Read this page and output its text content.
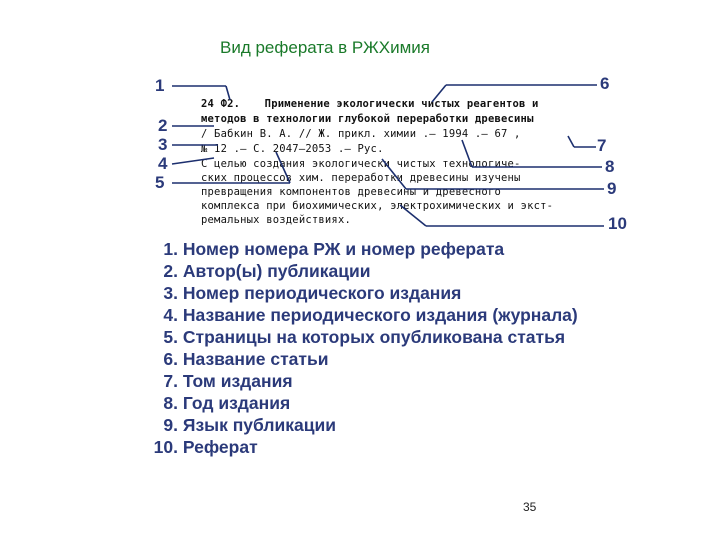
Вид реферата в РЖХимия
1
2
3
4
5
6
7
8
9
10
24 Ф2. Применение экологически чистых реагентов и
методов в технологии глубокой переработки древесины
/ Бабкин В. А. // Ж. прикл. химии .— 1994 .— 67 ,
№ 12 .— С. 2047—2053 .— Рус.
С целью создания экологически чистых технологиче-
ских процессов хим. переработки древесины изучены
превращения компонентов древесины и древесного
комплекса при биохимических, электрохимических и экст-
ремальных воздействиях.
1. Номер номера РЖ и номер реферата
2. Автор(ы) публикации
3. Номер периодического издания
4. Название периодического издания (журнала)
5. Страницы на которых опубликована статья
6. Название статьи
7. Том издания
8. Год издания
9. Язык публикации
10. Реферат
35
